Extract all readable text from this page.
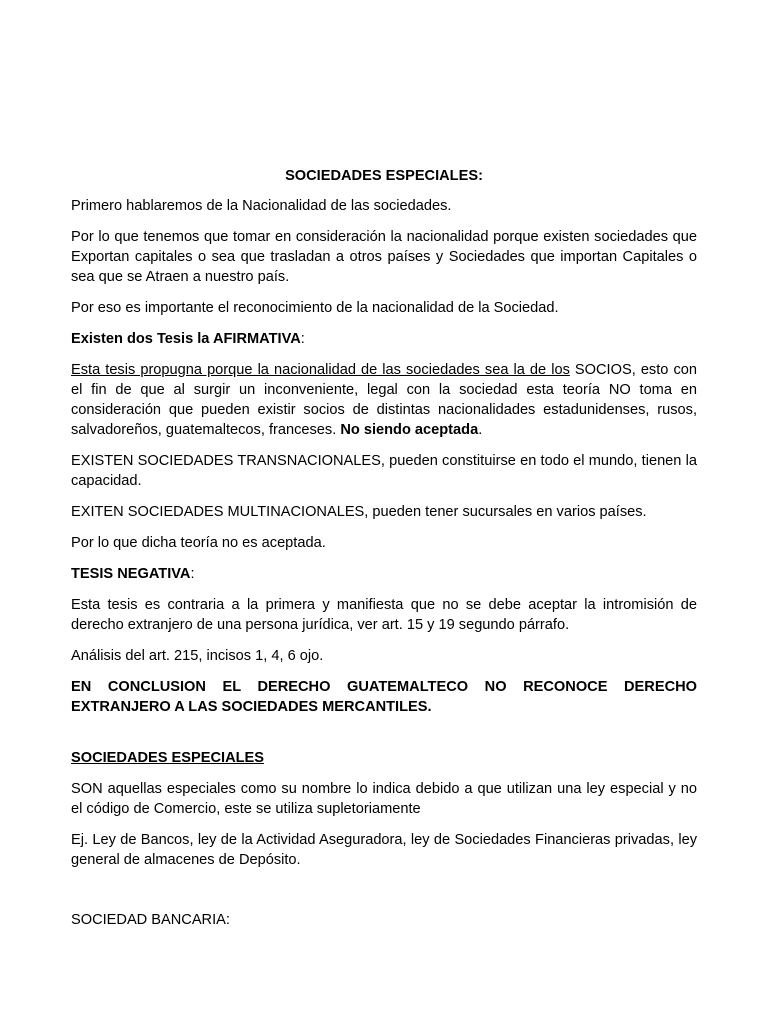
SOCIEDADES ESPECIALES:

Primero hablaremos de la Nacionalidad de las sociedades.

Por lo que tenemos que tomar en consideración la nacionalidad porque existen sociedades que Exportan capitales o sea que trasladan a otros países y Sociedades que importan Capitales o sea que se Atraen a nuestro país.

Por eso es importante el reconocimiento de la nacionalidad de la Sociedad.

Existen dos Tesis la AFIRMATIVA:

Esta tesis propugna porque la nacionalidad de las sociedades sea la de los SOCIOS, esto con el fin de que al surgir un inconveniente, legal con la sociedad esta teoría NO toma en consideración que pueden existir socios de distintas nacionalidades estadunidenses, rusos, salvadoreños, guatemaltecos, franceses. No siendo aceptada.

EXISTEN SOCIEDADES TRANSNACIONALES, pueden constituirse en todo el mundo, tienen la capacidad.

EXITEN SOCIEDADES MULTINACIONALES, pueden tener sucursales en varios países.

Por lo que dicha teoría no es aceptada.

TESIS NEGATIVA:

Esta tesis es contraria a la primera y manifiesta que no se debe aceptar la intromisión de derecho extranjero de una persona jurídica, ver art. 15 y 19 segundo párrafo.

Análisis del art. 215, incisos 1, 4, 6 ojo.

EN CONCLUSION EL DERECHO GUATEMALTECO NO RECONOCE DERECHO EXTRANJERO A LAS SOCIEDADES MERCANTILES.

SOCIEDADES ESPECIALES

SON aquellas especiales como su nombre lo indica debido a que utilizan una ley especial y no el código de Comercio, este se utiliza supletoriamente

Ej. Ley de Bancos, ley de la Actividad Aseguradora, ley de Sociedades Financieras privadas, ley general de almacenes de Depósito.

SOCIEDAD BANCARIA:
